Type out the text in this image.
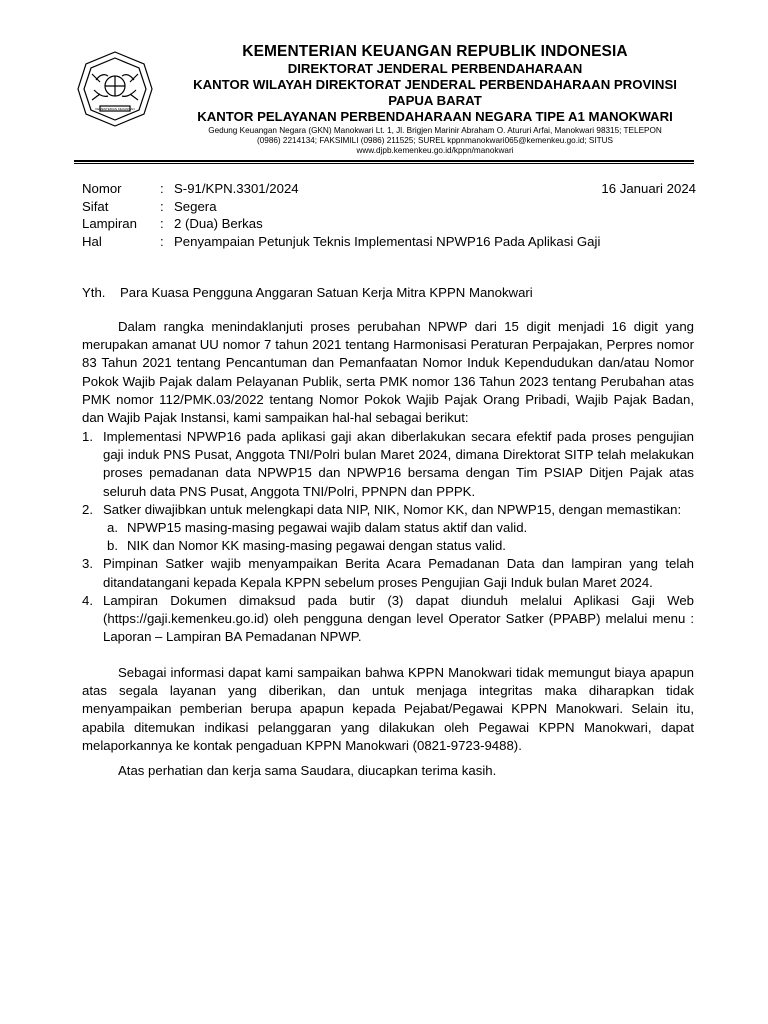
KEMENTERIAN KEUANGAN
KEMENTERIAN KEUANGAN REPUBLIK INDONESIA
DIREKTORAT JENDERAL PERBENDAHARAAN
KANTOR WILAYAH DIREKTORAT JENDERAL PERBENDAHARAAN PROVINSI
PAPUA BARAT
KANTOR PELAYANAN PERBENDAHARAAN NEGARA TIPE A1 MANOKWARI
Gedung Keuangan Negara (GKN) Manokwari Lt. 1, Jl. Brigjen Marinir Abraham O. Atururi Arfai, Manokwari 98315; TELEPON
(0986) 2214134; FAKSIMILI (0986) 211525; SUREL kppnmanokwari065@kemenkeu.go.id; SITUS
www.djpb.kemenkeu.go.id/kppn/manokwari
Nomor	: S-91/KPN.3301/2024	16 Januari 2024
Sifat	: Segera
Lampiran : 2 (Dua) Berkas
Hal	: Penyampaian Petunjuk Teknis Implementasi NPWP16 Pada Aplikasi Gaji
Yth. Para Kuasa Pengguna Anggaran Satuan Kerja Mitra KPPN Manokwari
Dalam rangka menindaklanjuti proses perubahan NPWP dari 15 digit menjadi 16 digit yang merupakan amanat UU nomor 7 tahun 2021 tentang Harmonisasi Peraturan Perpajakan, Perpres nomor 83 Tahun 2021 tentang Pencantuman dan Pemanfaatan Nomor Induk Kependudukan dan/atau Nomor Pokok Wajib Pajak dalam Pelayanan Publik, serta PMK nomor 136 Tahun 2023 tentang Perubahan atas PMK nomor 112/PMK.03/2022 tentang Nomor Pokok Wajib Pajak Orang Pribadi, Wajib Pajak Badan, dan Wajib Pajak Instansi, kami sampaikan hal-hal sebagai berikut:
1. Implementasi NPWP16 pada aplikasi gaji akan diberlakukan secara efektif pada proses pengujian gaji induk PNS Pusat, Anggota TNI/Polri bulan Maret 2024, dimana Direktorat SITP telah melakukan proses pemadanan data NPWP15 dan NPWP16 bersama dengan Tim PSIAP Ditjen Pajak atas seluruh data PNS Pusat, Anggota TNI/Polri, PPNPN dan PPPK.
2. Satker diwajibkan untuk melengkapi data NIP, NIK, Nomor KK, dan NPWP15, dengan memastikan:
a. NPWP15 masing-masing pegawai wajib dalam status aktif dan valid.
b. NIK dan Nomor KK masing-masing pegawai dengan status valid.
3. Pimpinan Satker wajib menyampaikan Berita Acara Pemadanan Data dan lampiran yang telah ditandatangani kepada Kepala KPPN sebelum proses Pengujian Gaji Induk bulan Maret 2024.
4. Lampiran Dokumen dimaksud pada butir (3) dapat diunduh melalui Aplikasi Gaji Web (https://gaji.kemenkeu.go.id) oleh pengguna dengan level Operator Satker (PPABP) melalui menu : Laporan – Lampiran BA Pemadanan NPWP.
Sebagai informasi dapat kami sampaikan bahwa KPPN Manokwari tidak memungut biaya apapun atas segala layanan yang diberikan, dan untuk menjaga integritas maka diharapkan tidak menyampaikan pemberian berupa apapun kepada Pejabat/Pegawai KPPN Manokwari. Selain itu, apabila ditemukan indikasi pelanggaran yang dilakukan oleh Pegawai KPPN Manokwari, dapat melaporkannya ke kontak pengaduan KPPN Manokwari (0821-9723-9488).
Atas perhatian dan kerja sama Saudara, diucapkan terima kasih.
